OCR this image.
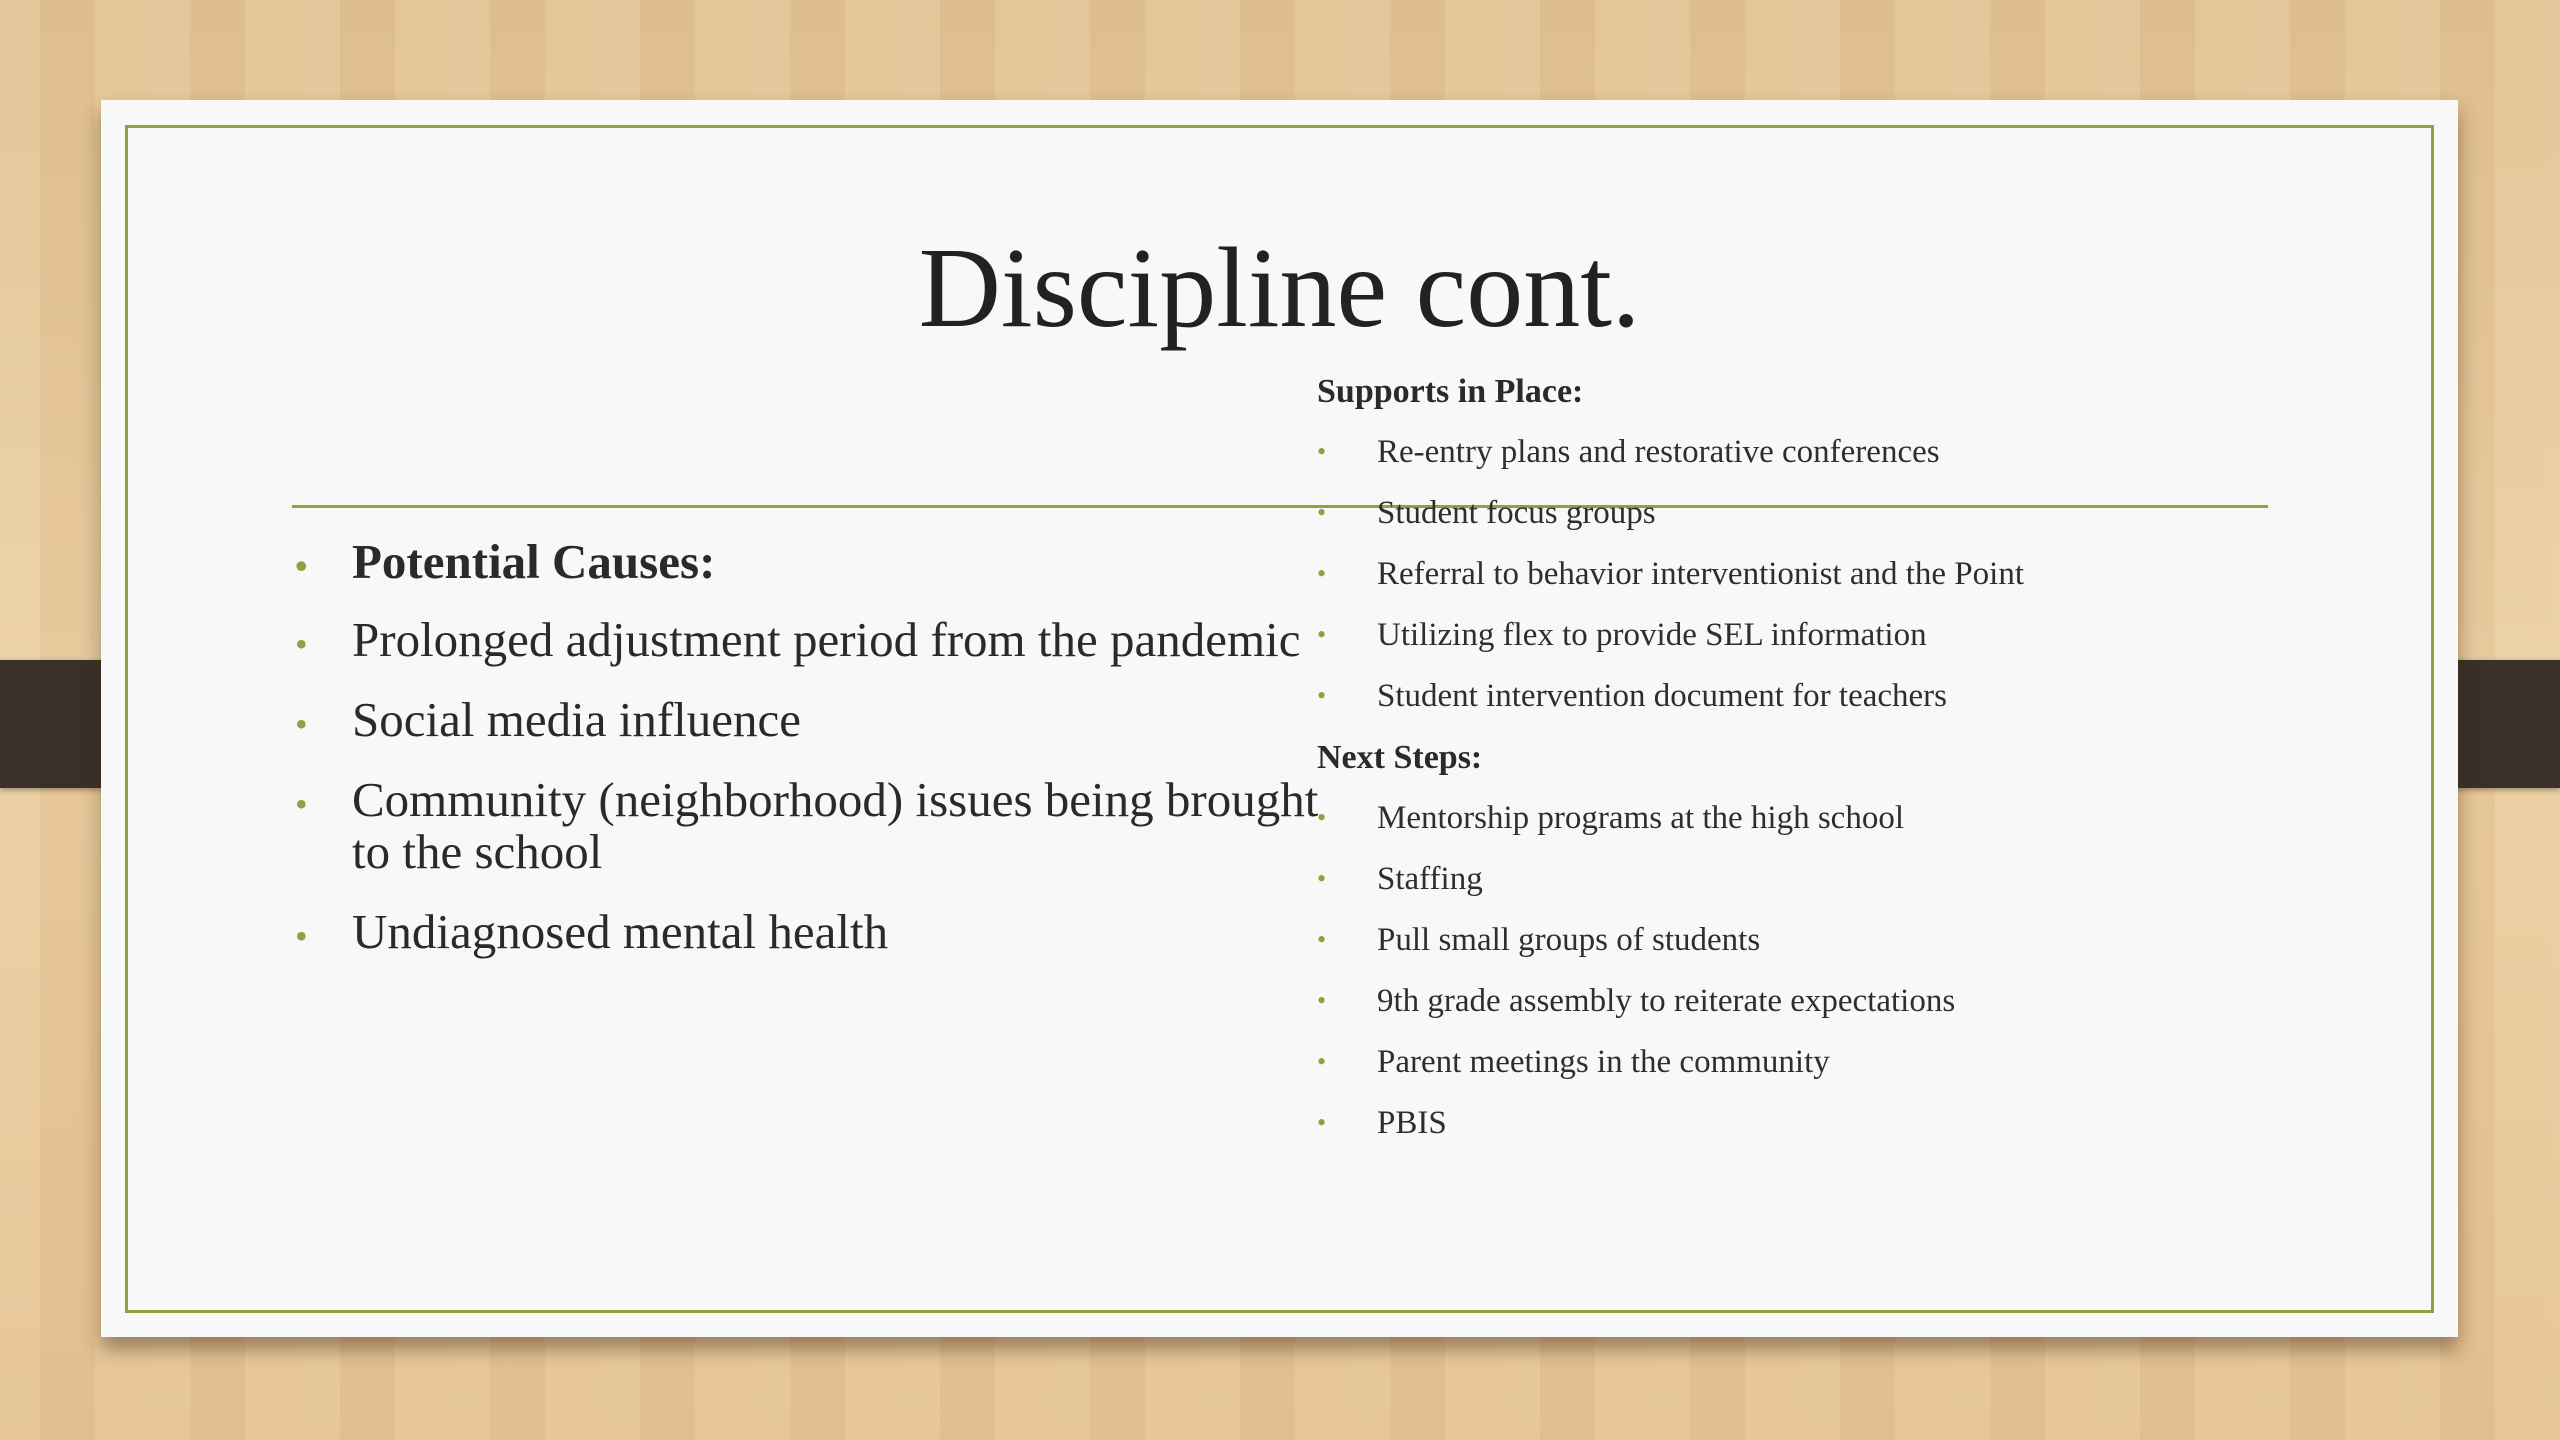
Discipline cont.
• Potential Causes:
• Prolonged adjustment period from the pandemic
• Social media influence
• Community (neighborhood) issues being brought to the school
• Undiagnosed mental health

Supports in Place:

• Re-entry plans and restorative conferences
• Student focus groups
• Referral to behavior interventionist and the Point
• Utilizing flex to provide SEL information
• Student intervention document for teachers

Next Steps:

• Mentorship programs at the high school
• Staffing
• Pull small groups of students
• 9th grade assembly to reiterate expectations
• Parent meetings in the community
• PBIS
